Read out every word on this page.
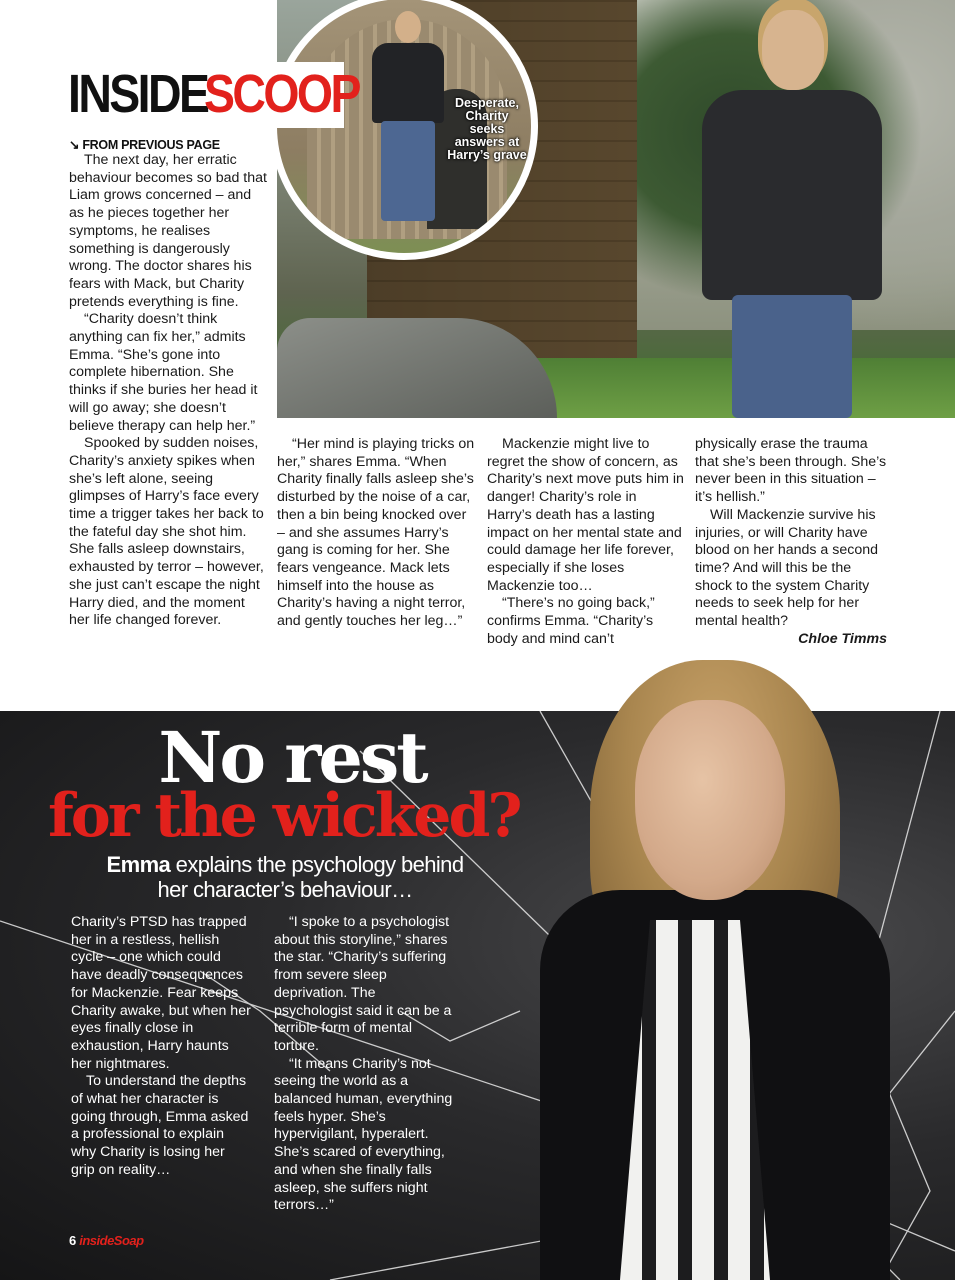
Desperate, Charity seeks answers at Harry’s grave
INSIDE
SCOOP
↘ FROM PREVIOUS PAGE

The next day, her erratic behaviour becomes so bad that Liam grows concerned – and as he pieces together her symptoms, he realises something is dangerously wrong. The doctor shares his fears with Mack, but Charity pretends everything is fine.

“Charity doesn’t think anything can fix her,” admits Emma. “She’s gone into complete hibernation. She thinks if she buries her head it will go away; she doesn’t believe therapy can help her.”

Spooked by sudden noises, Charity’s anxiety spikes when she’s left alone, seeing glimpses of Harry’s face every time a trigger takes her back to the fateful day she shot him. She falls asleep downstairs, exhausted by terror – however, she just can’t escape the night Harry died, and the moment her life changed forever.

“Her mind is playing tricks on her,” shares Emma. “When Charity finally falls asleep she’s disturbed by the noise of a car, then a bin being knocked over – and she assumes Harry’s gang is coming for her. She fears vengeance. Mack lets himself into the house as Charity’s having a night terror, and gently touches her leg…”

Mackenzie might live to regret the show of concern, as Charity’s next move puts him in danger! Charity’s role in Harry’s death has a lasting impact on her mental state and could damage her life forever, especially if she loses Mackenzie too…

“There’s no going back,” confirms Emma. “Charity’s body and mind can’t

physically erase the trauma that she’s been through. She’s never been in this situation – it’s hellish.”

Will Mackenzie survive his injuries, or will Charity have blood on her hands a second time? And will this be the shock to the system Charity needs to seek help for her mental health?

Chloe Timms

No rest
for the wicked?
Emma explains the psychology behind
her character’s behaviour…

Charity’s PTSD has trapped her in a restless, hellish cycle – one which could have deadly consequences for Mackenzie. Fear keeps Charity awake, but when her eyes finally close in exhaustion, Harry haunts her nightmares.

To understand the depths of what her character is going through, Emma asked a professional to explain why Charity is losing her grip on reality…

“I spoke to a psychologist about this storyline,” shares the star. “Charity’s suffering from severe sleep deprivation. The psychologist said it can be a terrible form of mental torture.

“It means Charity’s not seeing the world as a balanced human, everything feels hyper. She’s hypervigilant, hyperalert. She’s scared of everything, and when she finally falls asleep, she suffers night terrors…”

6 insideSoap
